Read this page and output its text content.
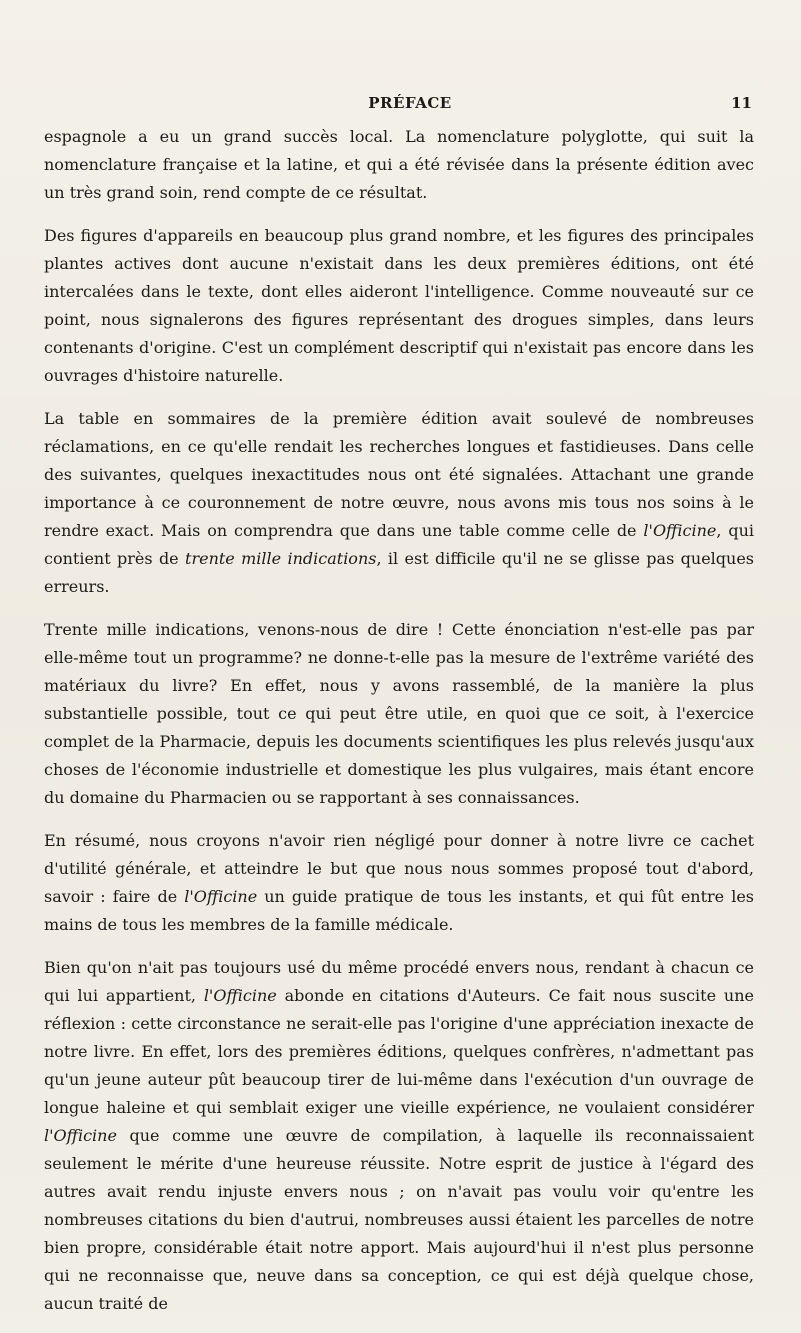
PRÉFACE	11

espagnole a eu un grand succès local. La nomenclature polyglotte, qui suit la nomenclature française et la latine, et qui a été révisée dans la présente édition avec un très grand soin, rend compte de ce résultat.

Des figures d'appareils en beaucoup plus grand nombre, et les figures des principales plantes actives dont aucune n'existait dans les deux premières éditions, ont été intercalées dans le texte, dont elles aideront l'intelligence. Comme nouveauté sur ce point, nous signalerons des figures représentant des drogues simples, dans leurs contenants d'origine. C'est un complément descriptif qui n'existait pas encore dans les ouvrages d'histoire naturelle.

La table en sommaires de la première édition avait soulevé de nombreuses réclamations, en ce qu'elle rendait les recherches longues et fastidieuses. Dans celle des suivantes, quelques inexactitudes nous ont été signalées. Attachant une grande importance à ce couronnement de notre œuvre, nous avons mis tous nos soins à le rendre exact. Mais on comprendra que dans une table comme celle de l'Officine, qui contient près de trente mille indications, il est difficile qu'il ne se glisse pas quelques erreurs.

Trente mille indications, venons-nous de dire ! Cette énonciation n'est-elle pas par elle-même tout un programme? ne donne-t-elle pas la mesure de l'extrême variété des matériaux du livre? En effet, nous y avons rassemblé, de la manière la plus substantielle possible, tout ce qui peut être utile, en quoi que ce soit, à l'exercice complet de la Pharmacie, depuis les documents scientifiques les plus relevés jusqu'aux choses de l'économie industrielle et domestique les plus vulgaires, mais étant encore du domaine du Pharmacien ou se rapportant à ses connaissances.

En résumé, nous croyons n'avoir rien négligé pour donner à notre livre ce cachet d'utilité générale, et atteindre le but que nous nous sommes proposé tout d'abord, savoir : faire de l'Officine un guide pratique de tous les instants, et qui fût entre les mains de tous les membres de la famille médicale.

Bien qu'on n'ait pas toujours usé du même procédé envers nous, rendant à chacun ce qui lui appartient, l'Officine abonde en citations d'Auteurs. Ce fait nous suscite une réflexion : cette circonstance ne serait-elle pas l'origine d'une appréciation inexacte de notre livre. En effet, lors des premières éditions, quelques confrères, n'admettant pas qu'un jeune auteur pût beaucoup tirer de lui-même dans l'exécution d'un ouvrage de longue haleine et qui semblait exiger une vieille expérience, ne voulaient considérer l'Officine que comme une œuvre de compilation, à laquelle ils reconnaissaient seulement le mérite d'une heureuse réussite. Notre esprit de justice à l'égard des autres avait rendu injuste envers nous ; on n'avait pas voulu voir qu'entre les nombreuses citations du bien d'autrui, nombreuses aussi étaient les parcelles de notre bien propre, considérable était notre apport. Mais aujourd'hui il n'est plus personne qui ne reconnaisse que, neuve dans sa conception, ce qui est déjà quelque chose, aucun traité de
